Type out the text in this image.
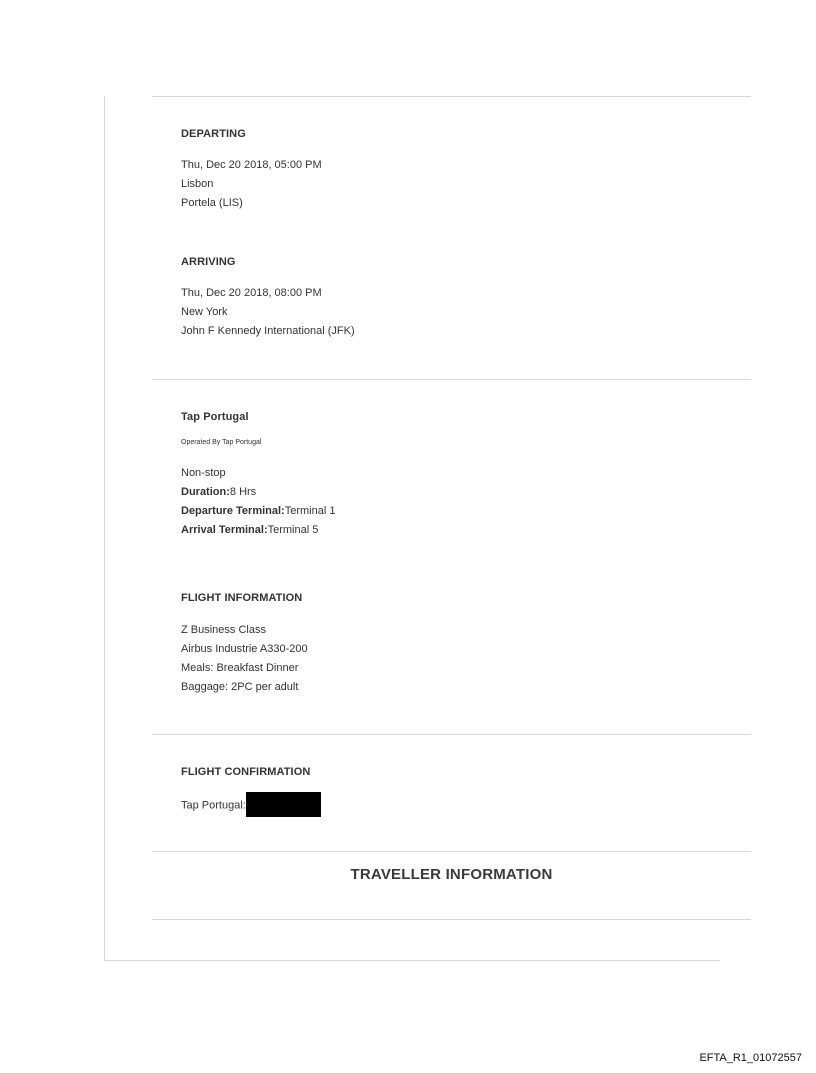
DEPARTING
Thu, Dec 20 2018, 05:00 PM
Lisbon
Portela (LIS)
ARRIVING
Thu, Dec 20 2018, 08:00 PM
New York
John F Kennedy International (JFK)
Tap Portugal
Operated By Tap Portugal
Non-stop
Duration:8 Hrs
Departure Terminal:Terminal 1
Arrival Terminal:Terminal 5
FLIGHT INFORMATION
Z Business Class
Airbus Industrie A330-200
Meals: Breakfast Dinner
Baggage: 2PC per adult
FLIGHT CONFIRMATION
Tap Portugal:
TRAVELLER INFORMATION
EFTA_R1_01072557
